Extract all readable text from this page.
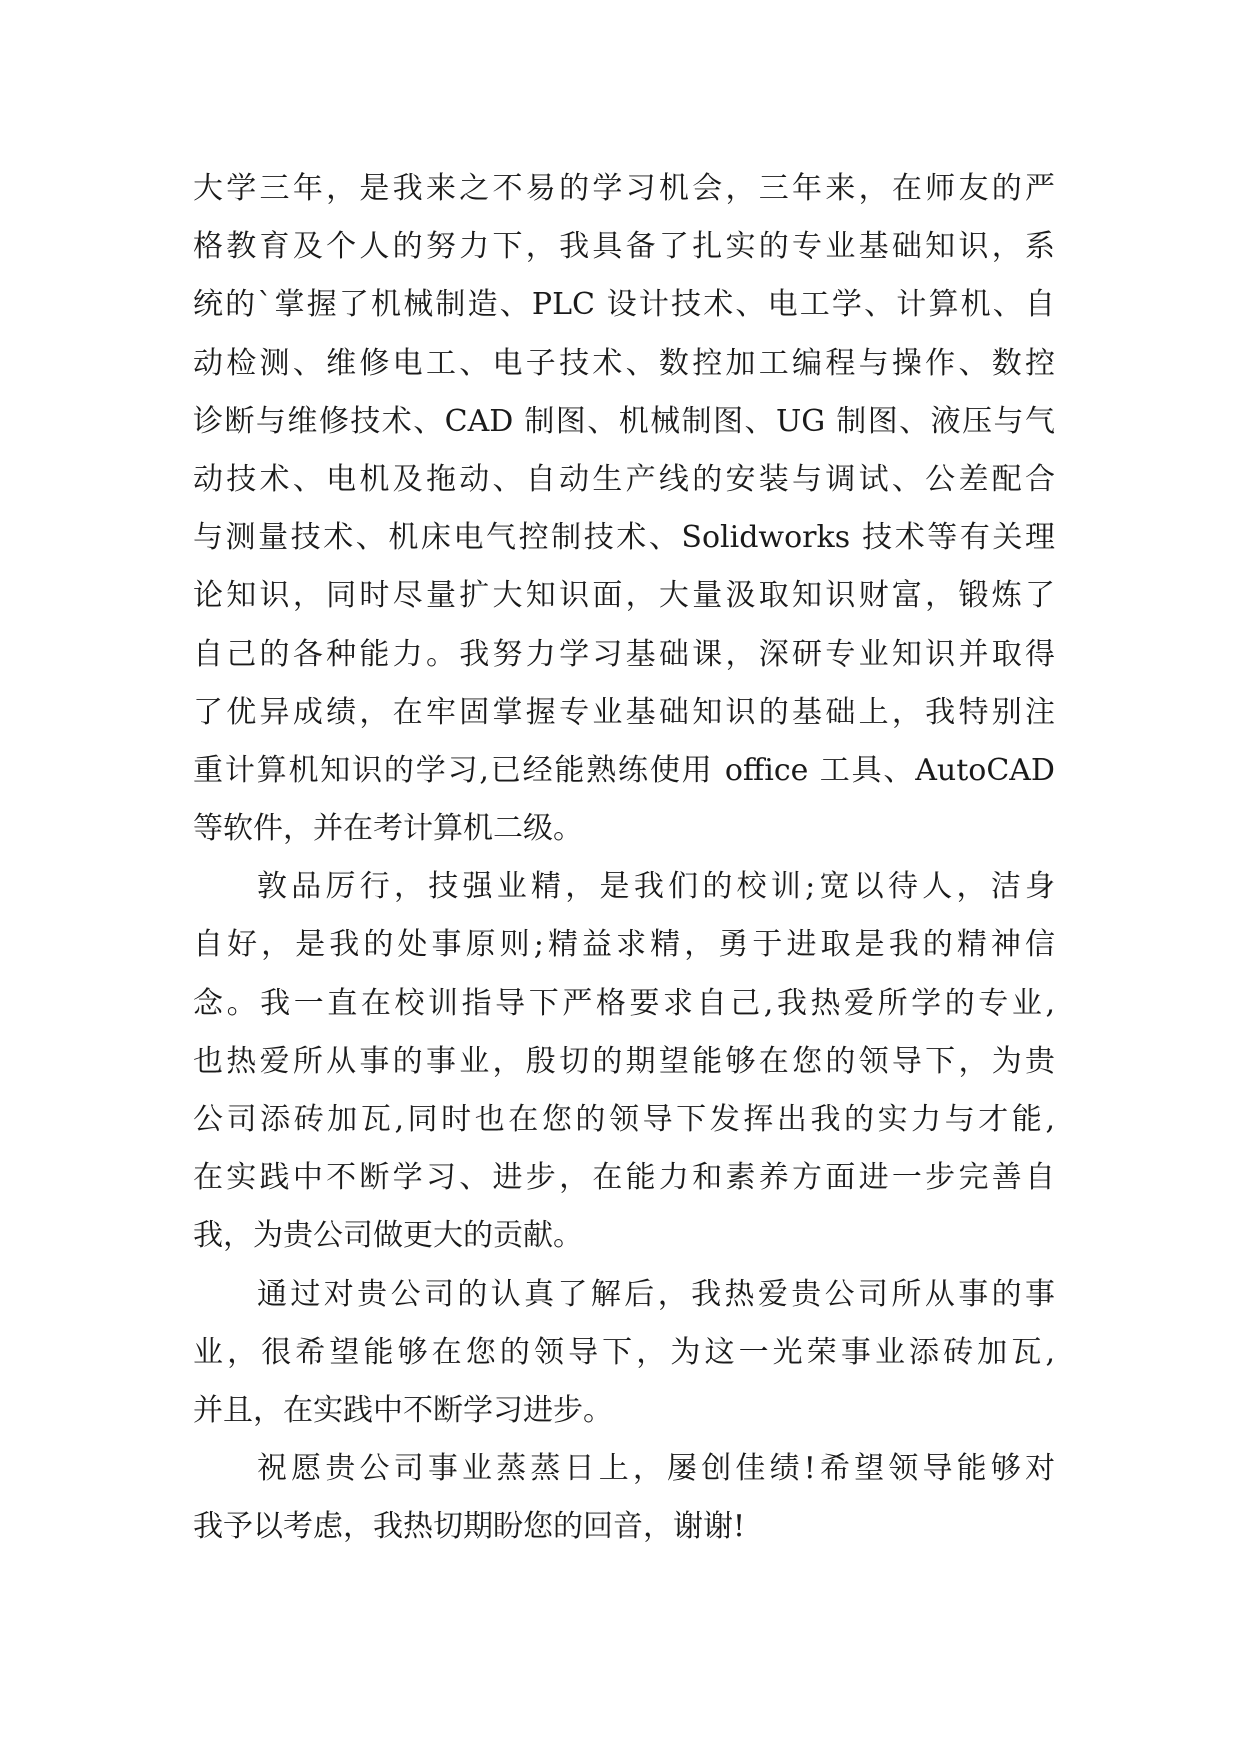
大学三年，是我来之不易的学习机会，三年来，在师友的严
格教育及个人的努力下，我具备了扎实的专业基础知识，系
统的`掌握了机械制造、PLC 设计技术、电工学、计算机、自
动检测、维修电工、电子技术、数控加工编程与操作、数控
诊断与维修技术、CAD 制图、机械制图、UG 制图、液压与气
动技术、电机及拖动、自动生产线的安装与调试、公差配合
与测量技术、机床电气控制技术、Solidworks 技术等有关理
论知识，同时尽量扩大知识面，大量汲取知识财富，锻炼了
自己的各种能力。我努力学习基础课，深研专业知识并取得
了优异成绩，在牢固掌握专业基础知识的基础上，我特别注
重计算机知识的学习,已经能熟练使用 office 工具、AutoCAD
等软件，并在考计算机二级。
敦品厉行，技强业精，是我们的校训;宽以待人，洁身
自好，是我的处事原则;精益求精，勇于进取是我的精神信
念。我一直在校训指导下严格要求自己,我热爱所学的专业,
也热爱所从事的事业，殷切的期望能够在您的领导下，为贵
公司添砖加瓦,同时也在您的领导下发挥出我的实力与才能,
在实践中不断学习、进步，在能力和素养方面进一步完善自
我，为贵公司做更大的贡献。
通过对贵公司的认真了解后，我热爱贵公司所从事的事
业，很希望能够在您的领导下，为这一光荣事业添砖加瓦,
并且，在实践中不断学习进步。
祝愿贵公司事业蒸蒸日上，屡创佳绩!希望领导能够对
我予以考虑，我热切期盼您的回音，谢谢!
